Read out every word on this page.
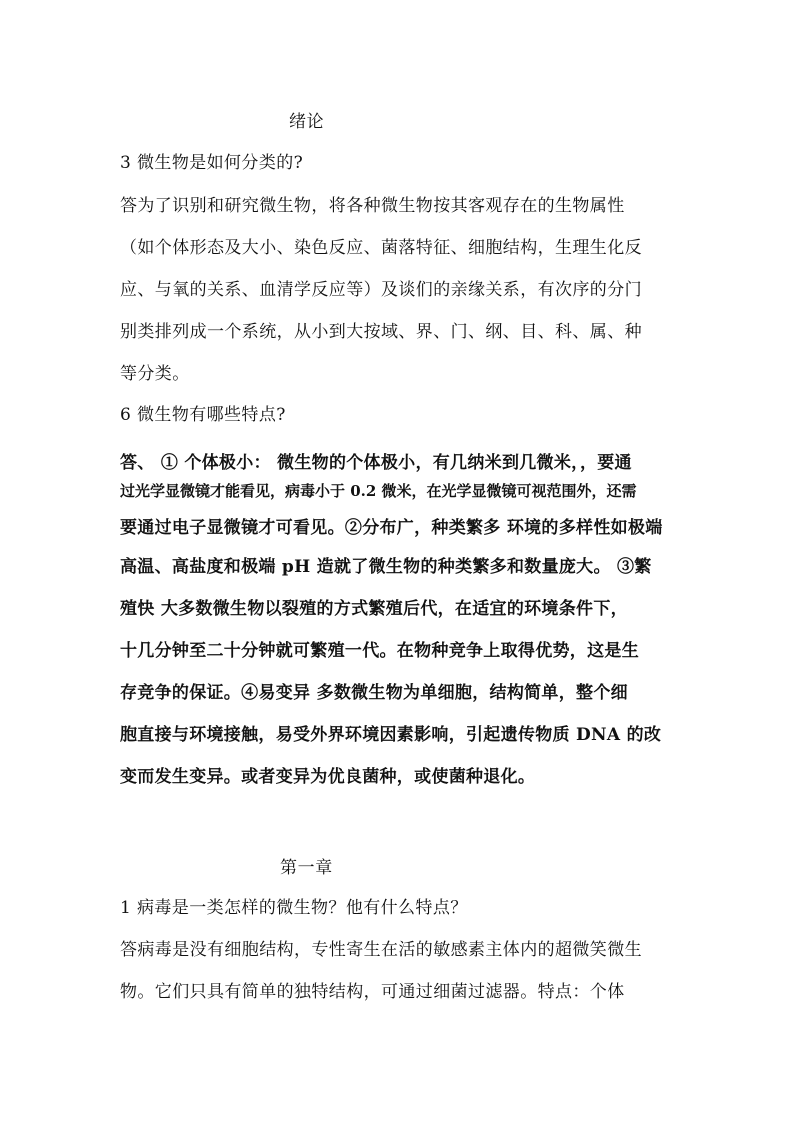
绪论
3 微生物是如何分类的?
答为了识别和研究微生物，将各种微生物按其客观存在的生物属性
（如个体形态及大小、染色反应、菌落特征、细胞结构，生理生化反
应、与氧的关系、血清学反应等）及谈们的亲缘关系，有次序的分门
别类排列成一个系统，从小到大按域、界、门、纲、目、科、属、种
等分类。
6 微生物有哪些特点?
答、 ① 个体极小： 微生物的个体极小，有几纳米到几微米，，要通
过光学显微镜才能看见，病毒小于 0.2 微米，在光学显微镜可视范围外，还需
要通过电子显微镜才可看见。②分布广，种类繁多 环境的多样性如极端
高温、高盐度和极端 pH 造就了微生物的种类繁多和数量庞大。 ③繁
殖快 大多数微生物以裂殖的方式繁殖后代，在适宜的环境条件下，
十几分钟至二十分钟就可繁殖一代。在物种竞争上取得优势，这是生
存竞争的保证。④易变异 多数微生物为单细胞，结构简单，整个细
胞直接与环境接触，易受外界环境因素影响，引起遗传物质 DNA 的改
变而发生变异。或者变异为优良菌种，或使菌种退化。
第一章
1 病毒是一类怎样的微生物？他有什么特点？
答病毒是没有细胞结构，专性寄生在活的敏感素主体内的超微笑微生
物。它们只具有简单的独特结构，可通过细菌过滤器。特点：个体
